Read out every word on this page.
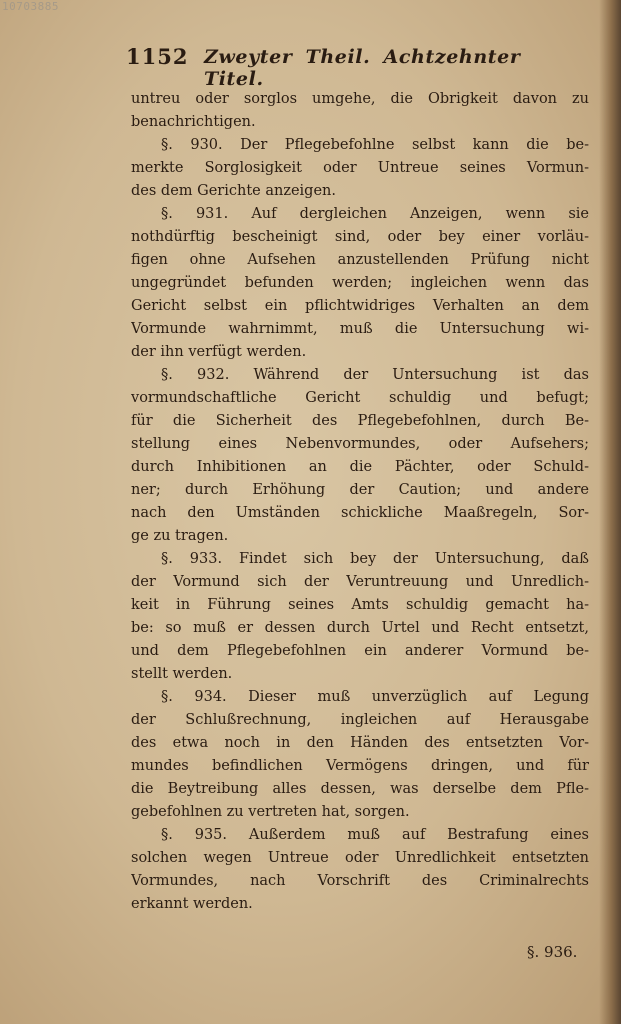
10703885
1152 Zweyter Theil. Achtzehnter Titel.
untreu oder sorglos umgehe, die Obrigkeit davon zu
benachrichtigen.
§. 930. Der Pflegebefohlne selbst kann die be-
merkte Sorglosigkeit oder Untreue seines Vormun-
des dem Gerichte anzeigen.
§. 931. Auf dergleichen Anzeigen, wenn sie
nothdürftig bescheinigt sind, oder bey einer vorläu-
figen ohne Aufsehen anzustellenden Prüfung nicht
ungegründet befunden werden; ingleichen wenn das
Gericht selbst ein pflichtwidriges Verhalten an dem
Vormunde wahrnimmt, muß die Untersuchung wi-
der ihn verfügt werden.
§. 932. Während der Untersuchung ist das
vormundschaftliche Gericht schuldig und befugt;
für die Sicherheit des Pflegebefohlnen, durch Be-
stellung eines Nebenvormundes, oder Aufsehers;
durch Inhibitionen an die Pächter, oder Schuld-
ner; durch Erhöhung der Caution; und andere
nach den Umständen schickliche Maaßregeln, Sor-
ge zu tragen.
§. 933. Findet sich bey der Untersuchung, daß
der Vormund sich der Veruntreuung und Unredlich-
keit in Führung seines Amts schuldig gemacht ha-
be: so muß er dessen durch Urtel und Recht entsetzt,
und dem Pflegebefohlnen ein anderer Vormund be-
stellt werden.
§. 934. Dieser muß unverzüglich auf Legung
der Schlußrechnung, ingleichen auf Herausgabe
des etwa noch in den Händen des entsetzten Vor-
mundes befindlichen Vermögens dringen, und für
die Beytreibung alles dessen, was derselbe dem Pfle-
gebefohlnen zu vertreten hat, sorgen.
§. 935. Außerdem muß auf Bestrafung eines
solchen wegen Untreue oder Unredlichkeit entsetzten
Vormundes, nach Vorschrift des Criminalrechts
erkannt werden.
§. 936.
